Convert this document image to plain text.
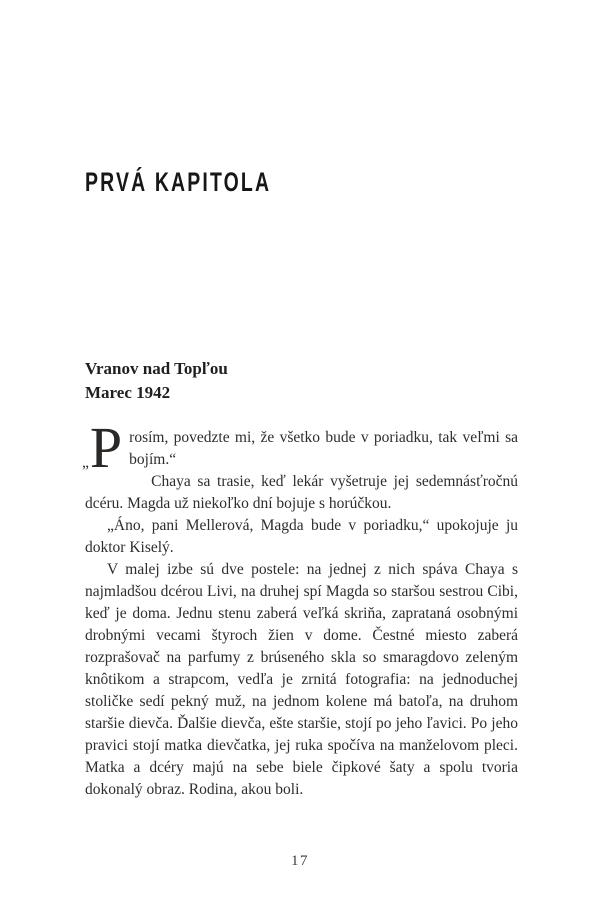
PRVÁ KAPITOLA
Vranov nad Topľou
Marec 1942

„P rosím, povedzte mi, že všetko bude v poriadku, tak veľmi sa bojím.“

Chaya sa trasie, keď lekár vyšetruje jej sedemnásťročnú dcéru. Magda už niekoľko dní bojuje s horúčkou.

„Áno, pani Mellerová, Magda bude v poriadku,“ upokojuje ju doktor Kiselý.

V malej izbe sú dve postele: na jednej z nich spáva Chaya s najmladšou dcérou Livi, na druhej spí Magda so staršou sestrou Cibi, keď je doma. Jednu stenu zaberá veľká skriňa, zaprataná osobnými drobnými vecami štyroch žien v dome. Čestné miesto zaberá rozprašovač na parfumy z brúseného skla so smaragdovo zeleným knôtikom a strapcom, vedľa je zrnitá fotografia: na jednoduchej stoličke sedí pekný muž, na jednom kolene má batoľa, na druhom staršie dievča. Ďalšie dievča, ešte staršie, stojí po jeho ľavici. Po jeho pravici stojí matka dievčatka, jej ruka spočíva na manželovom pleci. Matka a dcéry majú na sebe biele čipkové šaty a spolu tvoria dokonalý obraz. Rodina, akou boli.

17
